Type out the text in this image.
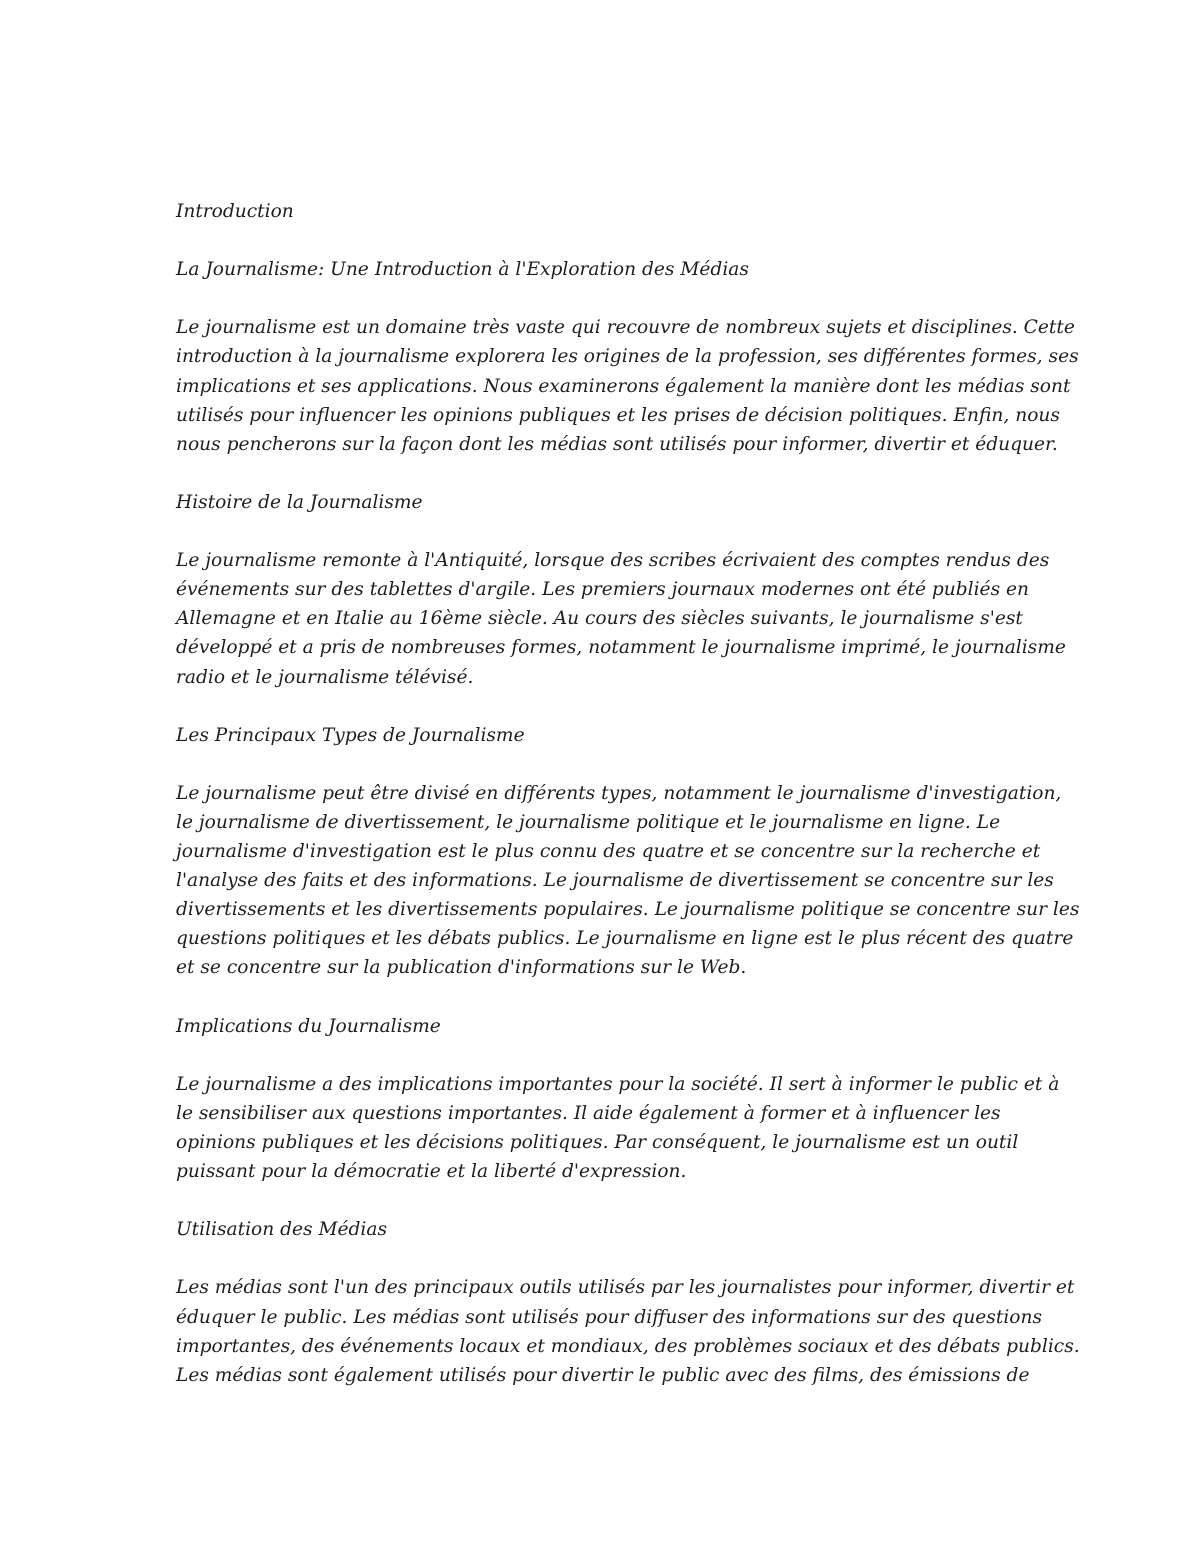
Introduction

La Journalisme: Une Introduction à l'Exploration des Médias

Le journalisme est un domaine très vaste qui recouvre de nombreux sujets et disciplines. Cette
introduction à la journalisme explorera les origines de la profession, ses différentes formes, ses
implications et ses applications. Nous examinerons également la manière dont les médias sont
utilisés pour influencer les opinions publiques et les prises de décision politiques. Enfin, nous
nous pencherons sur la façon dont les médias sont utilisés pour informer, divertir et éduquer.

Histoire de la Journalisme

Le journalisme remonte à l'Antiquité, lorsque des scribes écrivaient des comptes rendus des
événements sur des tablettes d'argile. Les premiers journaux modernes ont été publiés en
Allemagne et en Italie au 16ème siècle. Au cours des siècles suivants, le journalisme s'est
développé et a pris de nombreuses formes, notamment le journalisme imprimé, le journalisme
radio et le journalisme télévisé.

Les Principaux Types de Journalisme

Le journalisme peut être divisé en différents types, notamment le journalisme d'investigation,
le journalisme de divertissement, le journalisme politique et le journalisme en ligne. Le
journalisme d'investigation est le plus connu des quatre et se concentre sur la recherche et
l'analyse des faits et des informations. Le journalisme de divertissement se concentre sur les
divertissements et les divertissements populaires. Le journalisme politique se concentre sur les
questions politiques et les débats publics. Le journalisme en ligne est le plus récent des quatre
et se concentre sur la publication d'informations sur le Web.

Implications du Journalisme

Le journalisme a des implications importantes pour la société. Il sert à informer le public et à
le sensibiliser aux questions importantes. Il aide également à former et à influencer les
opinions publiques et les décisions politiques. Par conséquent, le journalisme est un outil
puissant pour la démocratie et la liberté d'expression.

Utilisation des Médias

Les médias sont l'un des principaux outils utilisés par les journalistes pour informer, divertir et
éduquer le public. Les médias sont utilisés pour diffuser des informations sur des questions
importantes, des événements locaux et mondiaux, des problèmes sociaux et des débats publics.
Les médias sont également utilisés pour divertir le public avec des films, des émissions de
